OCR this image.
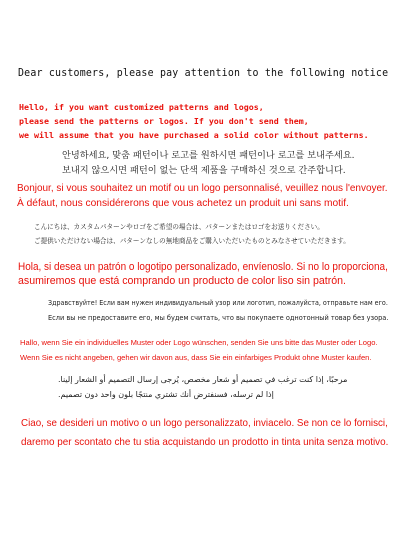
Dear customers, please pay attention to the following notice
Hello, if you want customized patterns and logos,
please send the patterns or logos. If you don't send them,
we will assume that you have purchased a solid color without patterns.
안녕하세요, 맞춤 패턴이나 로고를 원하시면 패턴이나 로고를 보내주세요.
보내지 않으시면 패턴이 없는 단색 제품을 구매하신 것으로 간주합니다.
Bonjour, si vous souhaitez un motif ou un logo personnalisé, veuillez nous l'envoyer.
À défaut, nous considérerons que vous achetez un produit uni sans motif.
こんにちは、カスタムパターンやロゴをご希望の場合は、パターンまたはロゴをお送りください。
ご提供いただけない場合は、パターンなしの無地商品をご購入いただいたものとみなさせていただきます。
Hola, si desea un patrón o logotipo personalizado, envíenoslo. Si no lo proporciona,
asumiremos que está comprando un producto de color liso sin patrón.
Здравствуйте! Если вам нужен индивидуальный узор или логотип, пожалуйста, отправьте нам его.
Если вы не предоставите его, мы будем считать, что вы покупаете однотонный товар без узора.
Hallo, wenn Sie ein individuelles Muster oder Logo wünschen, senden Sie uns bitte das Muster oder Logo.
Wenn Sie es nicht angeben, gehen wir davon aus, dass Sie ein einfarbiges Produkt ohne Muster kaufen.
مرحبًا، إذا كنت ترغب في تصميم أو شعار مخصص، يُرجى إرسال التصميم أو الشعار إلينا.
إذا لم ترسله، فسنفترض أنك تشتري منتجًا بلون واحد دون تصميم.
Ciao, se desideri un motivo o un logo personalizzato, inviacelo. Se non ce lo fornisci,
daremo per scontato che tu stia acquistando un prodotto in tinta unita senza motivo.
